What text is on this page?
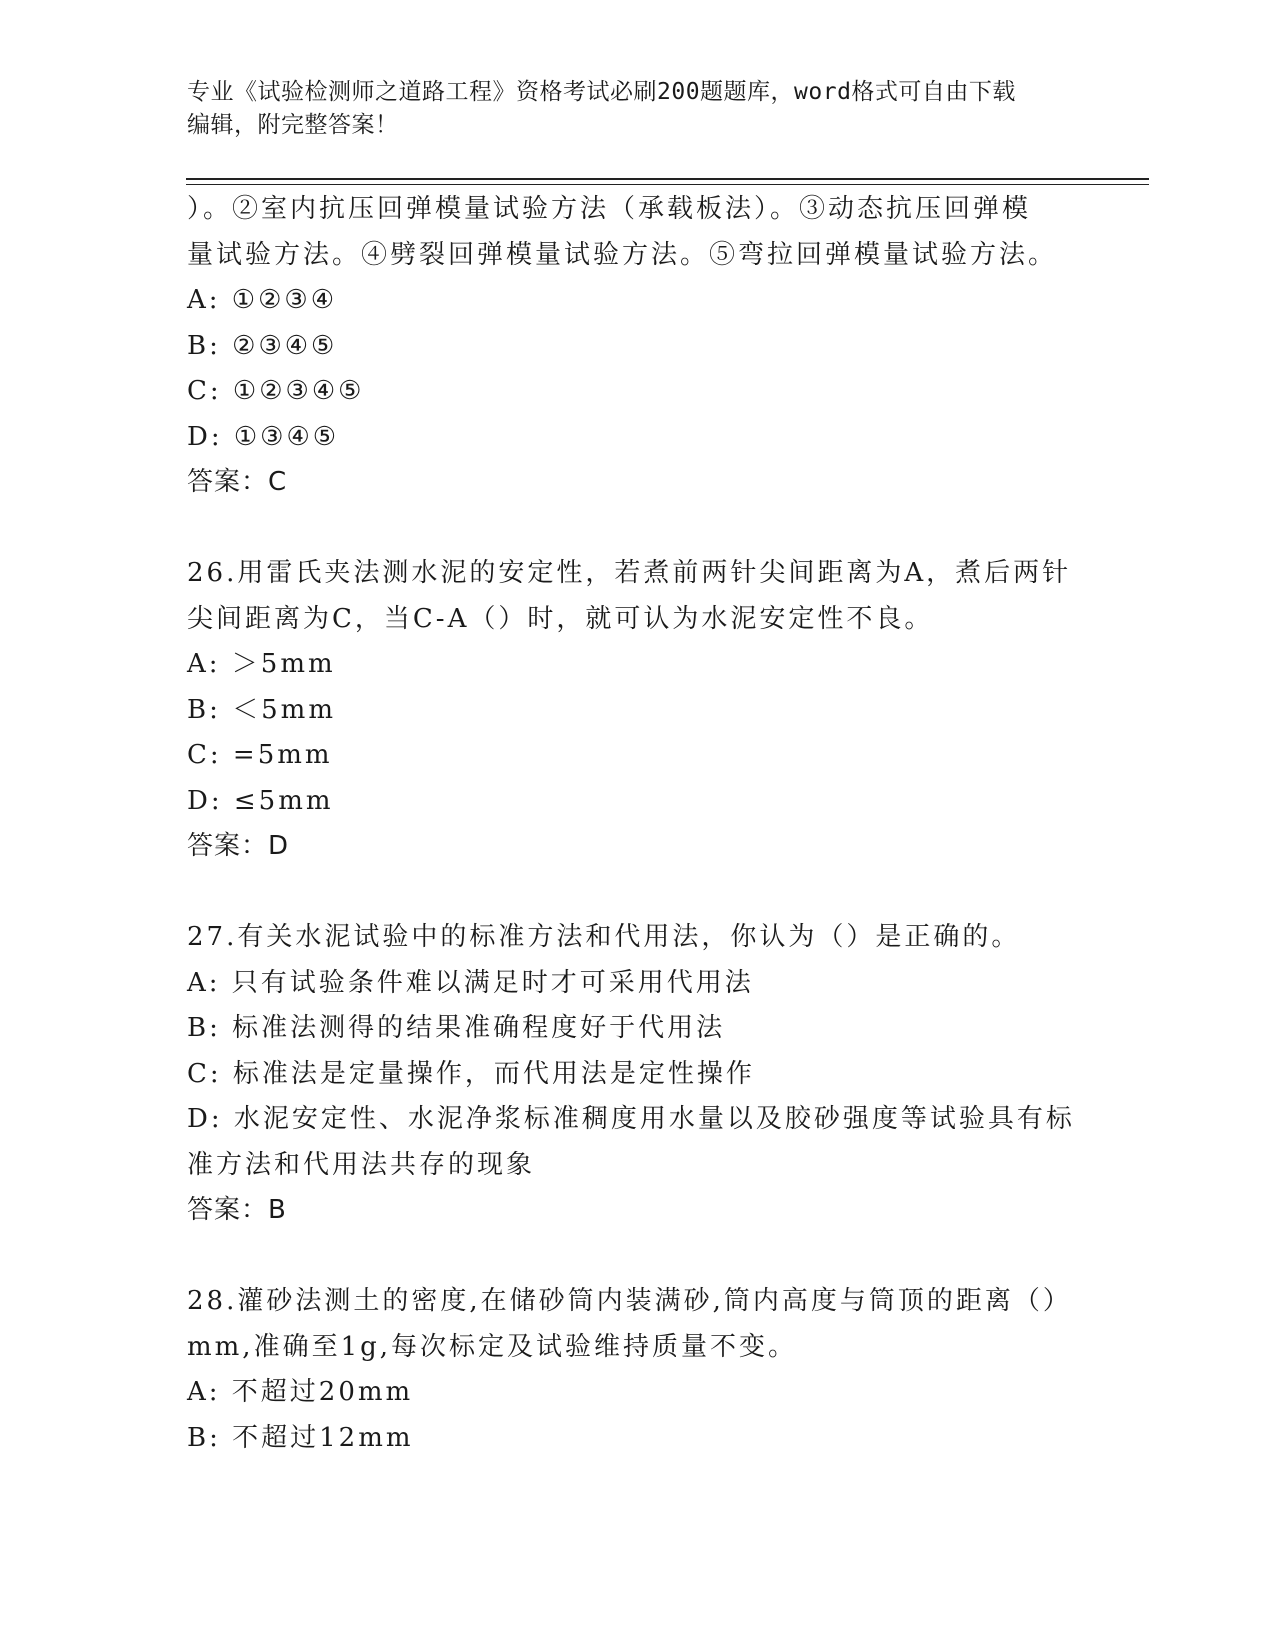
专业《试验检测师之道路工程》资格考试必刷200题题库，word格式可自由下载
编辑，附完整答案！
）。②室内抗压回弹模量试验方法（承载板法）。③动态抗压回弹模
量试验方法。④劈裂回弹模量试验方法。⑤弯拉回弹模量试验方法。
A: ①②③④
B: ②③④⑤
C: ①②③④⑤
D: ①③④⑤
答案：C
26.用雷氏夹法测水泥的安定性，若煮前两针尖间距离为A，煮后两针
尖间距离为C，当C-A（）时，就可认为水泥安定性不良。
A: ＞5mm
B: ＜5mm
C: =5mm
D: ≤5mm
答案：D
27.有关水泥试验中的标准方法和代用法，你认为（）是正确的。
A: 只有试验条件难以满足时才可采用代用法
B: 标准法测得的结果准确程度好于代用法
C: 标准法是定量操作，而代用法是定性操作
D: 水泥安定性、水泥净浆标准稠度用水量以及胶砂强度等试验具有标
准方法和代用法共存的现象
答案：B
28.灌砂法测土的密度,在储砂筒内装满砂,筒内高度与筒顶的距离（）
mm,准确至1g,每次标定及试验维持质量不变。
A: 不超过20mm
B: 不超过12mm
